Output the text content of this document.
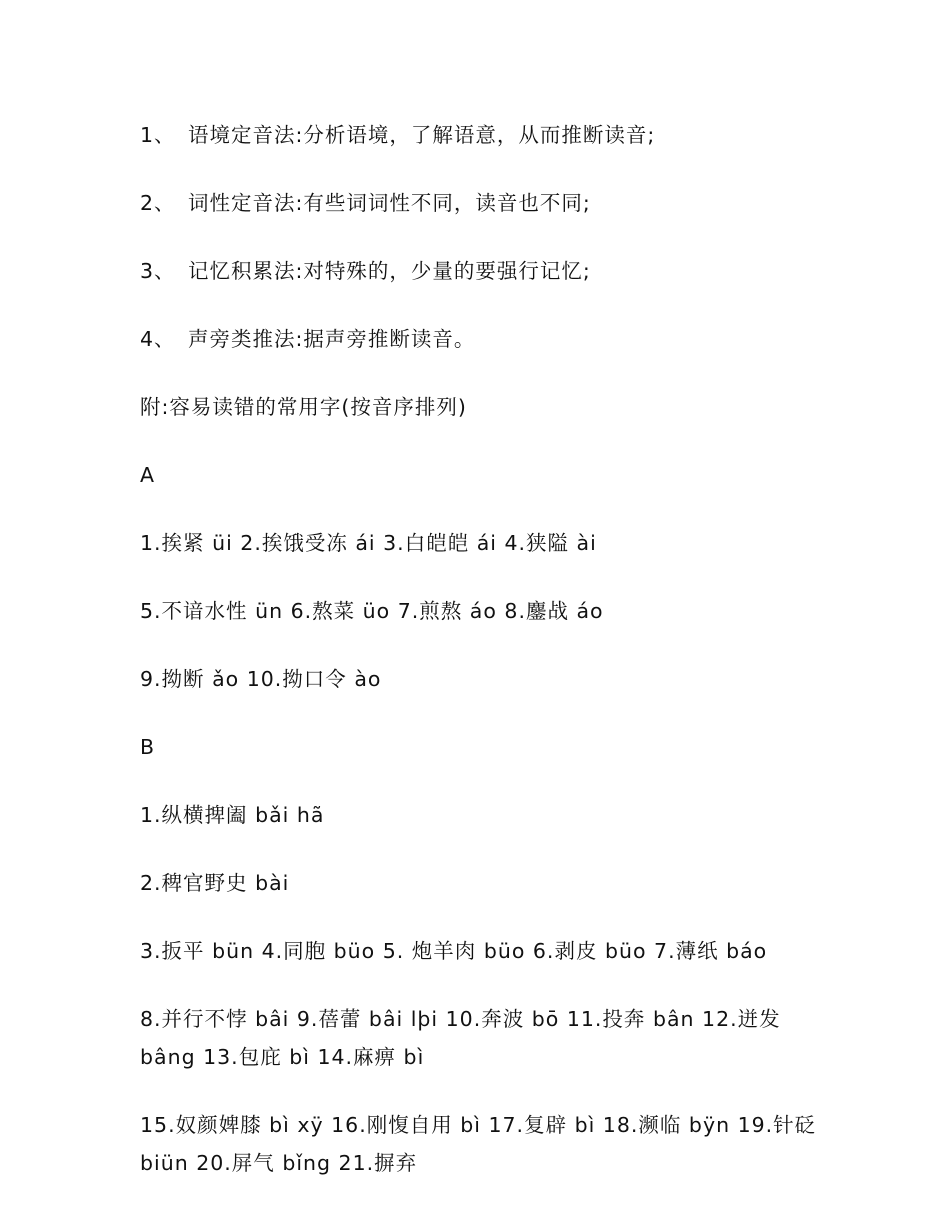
1、 语境定音法:分析语境，了解语意，从而推断读音;

2、 词性定音法:有些词词性不同，读音也不同;

3、 记忆积累法:对特殊的，少量的要强行记忆;

4、 声旁类推法:据声旁推断读音。

附:容易读错的常用字(按音序排列)

A

1.挨紧 üi 2.挨饿受冻 ái 3.白皑皑 ái 4.狭隘 ài

5.不谙水性 ün 6.熬菜 üo 7.煎熬 áo 8.鏖战 áo

9.拗断 ǎo 10.拗口令 ào

B

1.纵横捭阖 bǎi hã

2.稗官野史 bài

3.扳平 bün 4.同胞 büo 5. 炮羊肉 büo 6.剥皮 büo 7.薄纸 báo

8.并行不悖 bâi 9.蓓蕾 bâi lþi 10.奔波 bō 11.投奔 bân 12.迸发 bâng 13.包庇 bì 14.麻痹 bì

15.奴颜婢膝 bì xÿ 16.刚愎自用 bì 17.复辟 bì 18.濒临 bÿn 19.针砭 biün 20.屏气 bǐng 21.摒弃
